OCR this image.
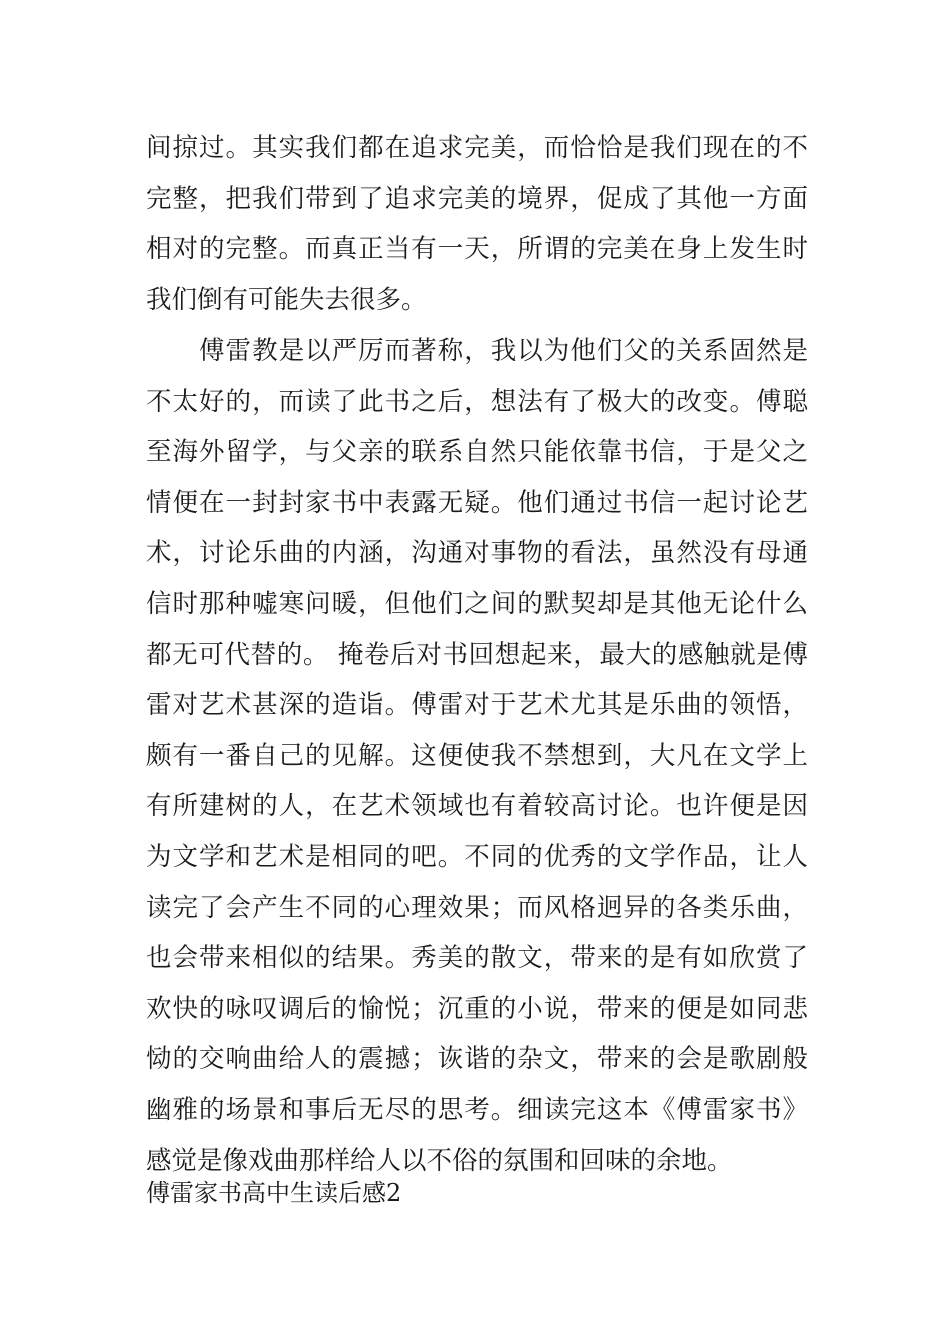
间掠过。其实我们都在追求完美，而恰恰是我们现在的不
完整，把我们带到了追求完美的境界，促成了其他一方面
相对的完整。而真正当有一天，所谓的完美在身上发生时
我们倒有可能失去很多。
　　傅雷教是以严厉而著称，我以为他们父的关系固然是
不太好的，而读了此书之后，想法有了极大的改变。傅聪
至海外留学，与父亲的联系自然只能依靠书信，于是父之
情便在一封封家书中表露无疑。他们通过书信一起讨论艺
术，讨论乐曲的内涵，沟通对事物的看法，虽然没有母通
信时那种嘘寒问暖，但他们之间的默契却是其他无论什么
都无可代替的。 掩卷后对书回想起来，最大的感触就是傅
雷对艺术甚深的造诣。傅雷对于艺术尤其是乐曲的领悟，
颇有一番自己的见解。这便使我不禁想到，大凡在文学上
有所建树的人，在艺术领域也有着较高讨论。也许便是因
为文学和艺术是相同的吧。不同的优秀的文学作品，让人
读完了会产生不同的心理效果；而风格迥异的各类乐曲，
也会带来相似的结果。秀美的散文，带来的是有如欣赏了
欢快的咏叹调后的愉悦；沉重的小说，带来的便是如同悲
恸的交响曲给人的震撼；诙谐的杂文，带来的会是歌剧般
幽雅的场景和事后无尽的思考。细读完这本《傅雷家书》
感觉是像戏曲那样给人以不俗的氛围和回味的余地。
傅雷家书高中生读后感2
